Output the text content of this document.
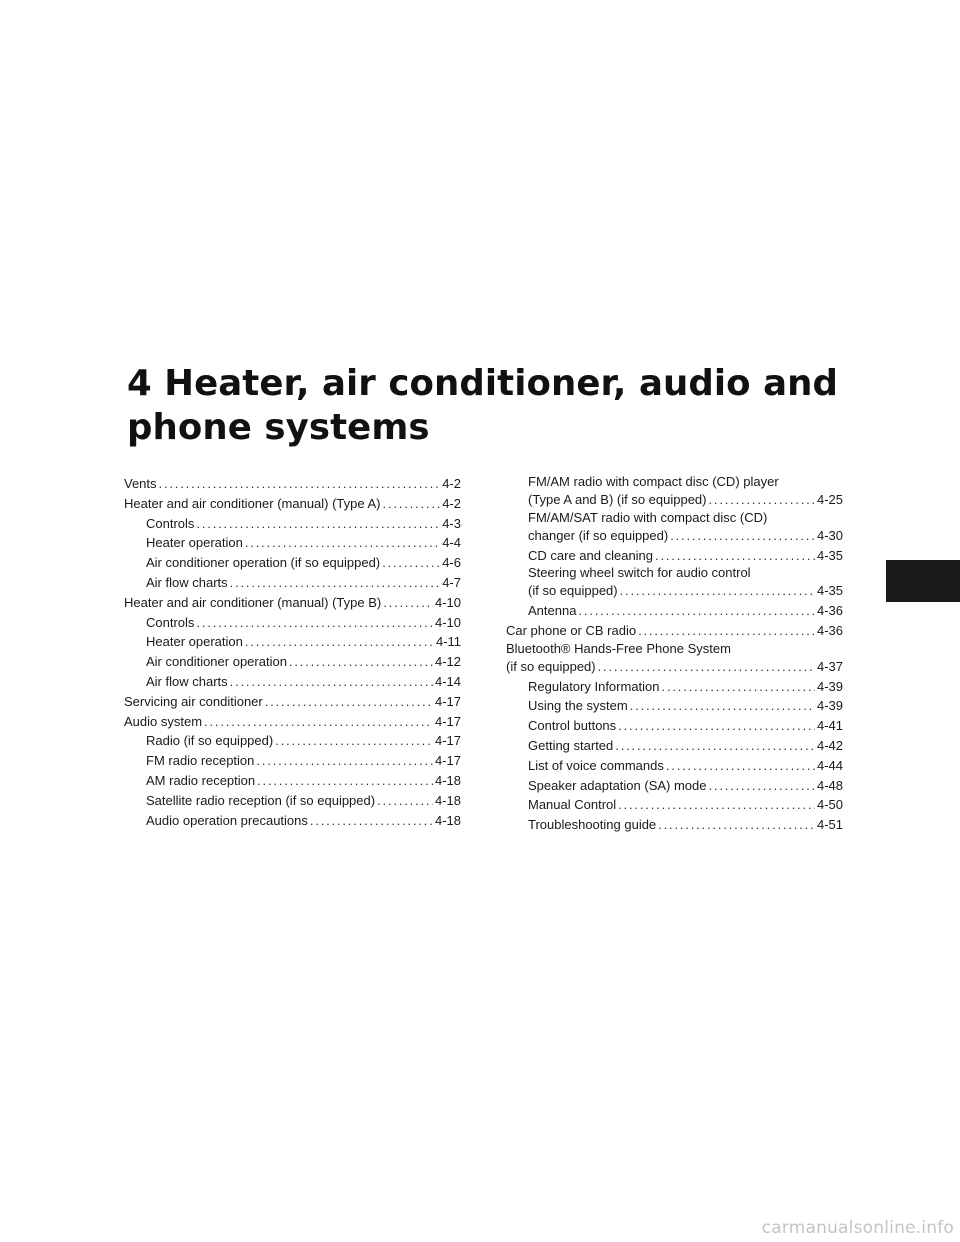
4 Heater, air conditioner, audio and phone systems
Vents . . .	4-2
Heater and air conditioner (manual) (Type A) . . .	4-2
Controls . . .	4-3
Heater operation . . .	4-4
Air conditioner operation (if so equipped) . . .	4-6
Air flow charts . . .	4-7
Heater and air conditioner (manual) (Type B) . . .	4-10
Controls . . .	4-10
Heater operation . . .	4-11
Air conditioner operation . . .	4-12
Air flow charts . . .	4-14
Servicing air conditioner . . .	4-17
Audio system . . .	4-17
Radio (if so equipped) . . .	4-17
FM radio reception . . .	4-17
AM radio reception . . .	4-18
Satellite radio reception (if so equipped) . . .	4-18
Audio operation precautions . . .	4-18
FM/AM radio with compact disc (CD) player
(Type A and B) (if so equipped) . . .	4-25
FM/AM/SAT radio with compact disc (CD)
changer (if so equipped) . . .	4-30
CD care and cleaning . . .	4-35
Steering wheel switch for audio control
(if so equipped) . . .	4-35
Antenna . . .	4-36
Car phone or CB radio . . .	4-36
Bluetooth® Hands-Free Phone System
(if so equipped) . . .	4-37
Regulatory Information . . .	4-39
Using the system . . .	4-39
Control buttons . . .	4-41
Getting started . . .	4-42
List of voice commands . . .	4-44
Speaker adaptation (SA) mode . . .	4-48
Manual Control . . .	4-50
Troubleshooting guide . . .	4-51
carmanualsonline.info
